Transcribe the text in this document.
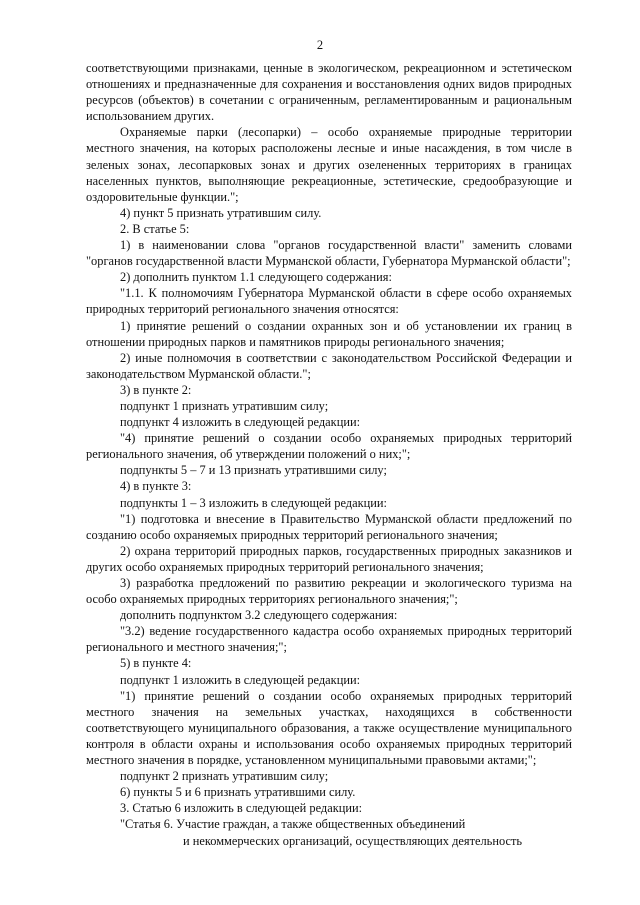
2

соответствующими признаками, ценные в экологическом, рекреационном и эстетическом отношениях и предназначенные для сохранения и восстановления одних видов природных ресурсов (объектов) в сочетании с ограниченным, регламентированным и рациональным использованием других.

Охраняемые парки (лесопарки) – особо охраняемые природные территории местного значения, на которых расположены лесные и иные насаждения, в том числе в зеленых зонах, лесопарковых зонах и других озелененных территориях в границах населенных пунктов, выполняющие рекреационные, эстетические, средообразующие и оздоровительные функции.";

4) пункт 5 признать утратившим силу.

2. В статье 5:

1) в наименовании слова "органов государственной власти" заменить словами "органов государственной власти Мурманской области, Губернатора Мурманской области";

2) дополнить пунктом 1.1 следующего содержания:

"1.1. К полномочиям Губернатора Мурманской области в сфере особо охраняемых природных территорий регионального значения относятся:

1) принятие решений о создании охранных зон и об установлении их границ в отношении природных парков и памятников природы регионального значения;

2) иные полномочия в соответствии с законодательством Российской Федерации и законодательством Мурманской области.";

3) в пункте 2:

подпункт 1 признать утратившим силу;

подпункт 4 изложить в следующей редакции:

"4) принятие решений о создании особо охраняемых природных территорий регионального значения, об утверждении положений о них;";

подпункты 5 – 7 и 13 признать утратившими силу;

4) в пункте 3:

подпункты 1 – 3 изложить в следующей редакции:

"1) подготовка и внесение в Правительство Мурманской области предложений по созданию особо охраняемых природных территорий регионального значения;

2) охрана территорий природных парков, государственных природных заказников и других особо охраняемых природных территорий регионального значения;

3) разработка предложений по развитию рекреации и экологического туризма на особо охраняемых природных территориях регионального значения;";

дополнить подпунктом 3.2 следующего содержания:

"3.2) ведение государственного кадастра особо охраняемых природных территорий регионального и местного значения;";

5) в пункте 4:

подпункт 1 изложить в следующей редакции:

"1) принятие решений о создании особо охраняемых природных территорий местного значения на земельных участках, находящихся в собственности соответствующего муниципального образования, а также осуществление муниципального контроля в области охраны и использования особо охраняемых природных территорий местного значения в порядке, установленном муниципальными правовыми актами;";

подпункт 2 признать утратившим силу;

6) пункты 5 и 6 признать утратившими силу.

3. Статью 6 изложить в следующей редакции:

"Статья 6. Участие граждан, а также общественных объединений

и некоммерческих организаций, осуществляющих деятельность
